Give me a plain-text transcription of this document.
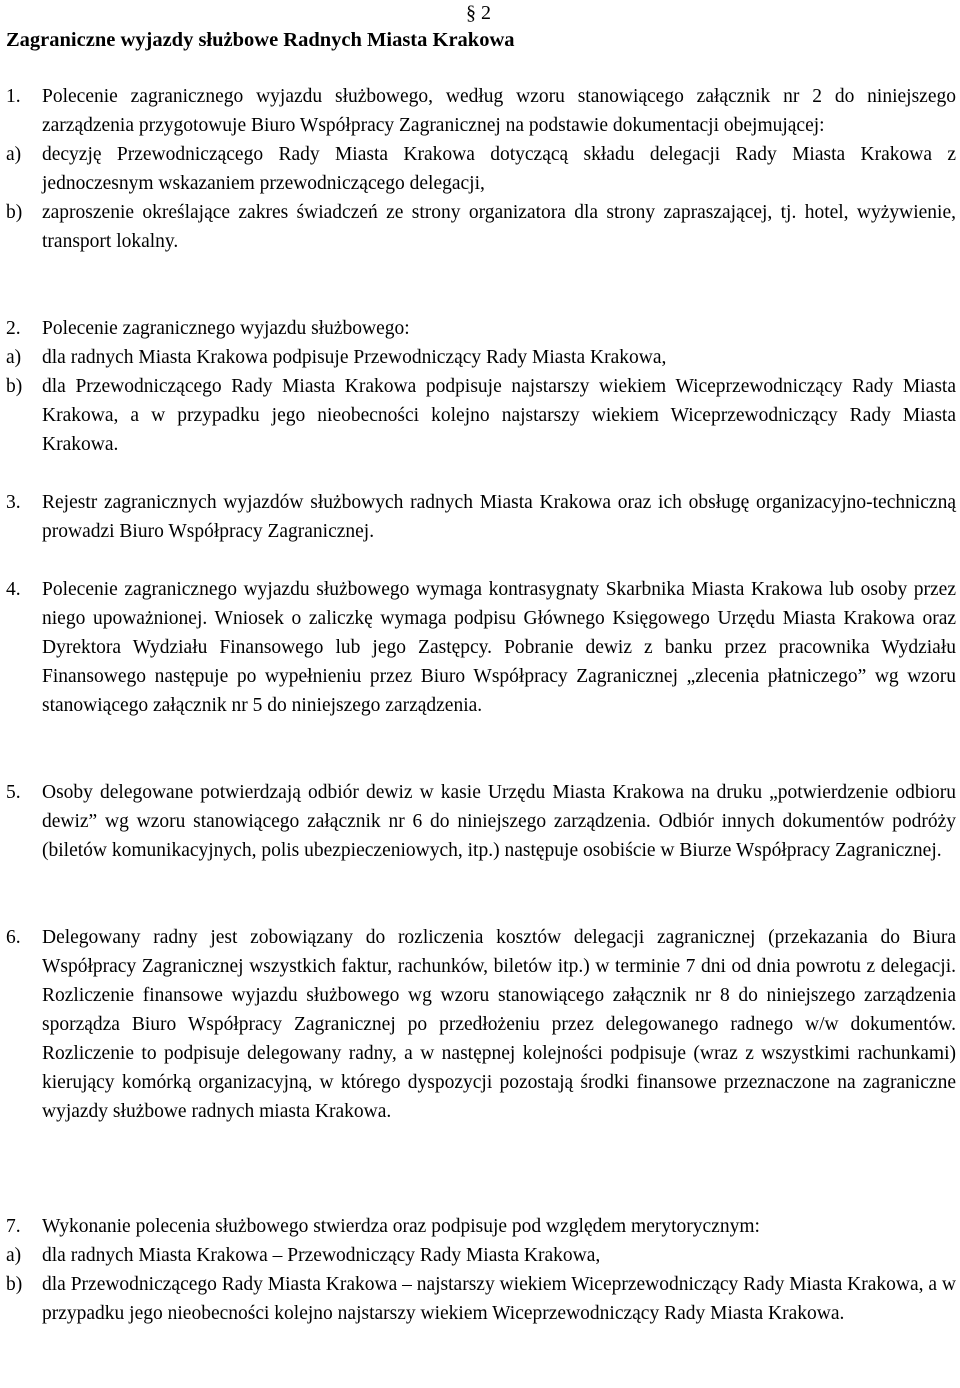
§ 2
Zagraniczne wyjazdy służbowe Radnych Miasta Krakowa
1.	Polecenie zagranicznego wyjazdu służbowego, według wzoru stanowiącego załącznik nr 2 do niniejszego zarządzenia przygotowuje Biuro Współpracy Zagranicznej na podstawie dokumentacji obejmującej:

a)	decyzję Przewodniczącego Rady Miasta Krakowa dotyczącą składu delegacji Rady Miasta Krakowa z jednoczesnym wskazaniem przewodniczącego delegacji,

b)	zaproszenie określające zakres świadczeń ze strony organizatora dla strony zapraszającej, tj. hotel, wyżywienie, transport lokalny.

2.	Polecenie zagranicznego wyjazdu służbowego:

a)	dla radnych Miasta Krakowa podpisuje Przewodniczący Rady Miasta Krakowa,

b)	dla Przewodniczącego Rady Miasta Krakowa podpisuje najstarszy wiekiem Wiceprzewodniczący Rady Miasta Krakowa, a w przypadku jego nieobecności kolejno najstarszy wiekiem Wiceprzewodniczący Rady Miasta Krakowa.

3.	Rejestr zagranicznych wyjazdów służbowych radnych Miasta Krakowa oraz ich obsługę organizacyjno-techniczną prowadzi Biuro Współpracy Zagranicznej.

4.	Polecenie zagranicznego wyjazdu służbowego wymaga kontrasygnaty Skarbnika Miasta Krakowa lub osoby przez niego upoważnionej. Wniosek o zaliczkę wymaga podpisu Głównego Księgowego Urzędu Miasta Krakowa oraz Dyrektora Wydziału Finansowego lub jego Zastępcy. Pobranie dewiz z banku przez pracownika Wydziału Finansowego następuje po wypełnieniu przez Biuro Współpracy Zagranicznej „zlecenia płatniczego” wg wzoru stanowiącego załącznik nr 5 do niniejszego zarządzenia.

5.	Osoby delegowane potwierdzają odbiór dewiz w kasie Urzędu Miasta Krakowa na druku „potwierdzenie odbioru dewiz” wg wzoru stanowiącego załącznik nr 6 do niniejszego zarządzenia. Odbiór innych dokumentów podróży (biletów komunikacyjnych, polis ubezpieczeniowych, itp.) następuje osobiście w Biurze Współpracy Zagranicznej.

6.	Delegowany radny jest zobowiązany do rozliczenia kosztów delegacji zagranicznej (przekazania do Biura Współpracy Zagranicznej wszystkich faktur, rachunków, biletów itp.) w terminie 7 dni od dnia powrotu z delegacji. Rozliczenie finansowe wyjazdu służbowego wg wzoru stanowiącego załącznik nr 8 do niniejszego zarządzenia sporządza Biuro Współpracy Zagranicznej po przedłożeniu przez delegowanego radnego w/w dokumentów. Rozliczenie to podpisuje delegowany radny, a w następnej kolejności podpisuje (wraz z wszystkimi rachunkami) kierujący komórką organizacyjną, w którego dyspozycji pozostają środki finansowe przeznaczone na zagraniczne wyjazdy służbowe radnych miasta Krakowa.

7.	Wykonanie polecenia służbowego stwierdza oraz podpisuje pod względem merytorycznym:

a)	dla radnych Miasta Krakowa – Przewodniczący Rady Miasta Krakowa,

b)	dla Przewodniczącego Rady Miasta Krakowa – najstarszy wiekiem Wiceprzewodniczący Rady Miasta Krakowa, a w przypadku jego nieobecności kolejno najstarszy wiekiem Wiceprzewodniczący Rady Miasta Krakowa.
